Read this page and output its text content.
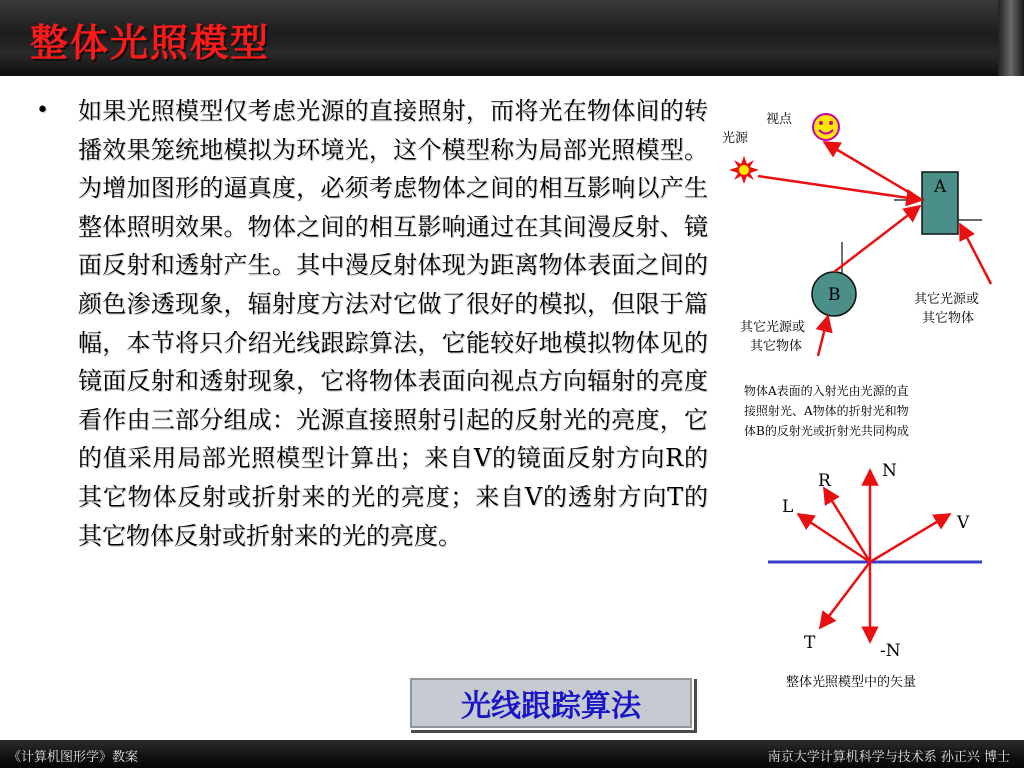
整体光照模型
• 如果光照模型仅考虑光源的直接照射，而将光在物体间的转播效果笼统地模拟为环境光，这个模型称为局部光照模型。为增加图形的逼真度，必须考虑物体之间的相互影响以产生整体照明效果。物体之间的相互影响通过在其间漫反射、镜面反射和透射产生。其中漫反射体现为距离物体表面之间的颜色渗透现象，辐射度方法对它做了很好的模拟，但限于篇幅，本节将只介绍光线跟踪算法，它能较好地模拟物体见的镜面反射和透射现象，它将物体表面向视点方向辐射的亮度看作由三部分组成：光源直接照射引起的反射光的亮度，它的值采用局部光照模型计算出；来自V的镜面反射方向R的其它物体反射或折射来的光的亮度；来自V的透射方向T的其它物体反射或折射来的光的亮度。
视点
光源
A
B	其它光源或
其它物体
其它光源或
其它物体
物体A表面的入射光由光源的直
接照射光、A物体的折射光和物
体B的反射光或折射光共同构成
N
R
L
V
T	-N
整体光照模型中的矢量
光线跟踪算法
《计算机图形学》教案	南京大学计算机科学与技术系 孙正兴 博士
